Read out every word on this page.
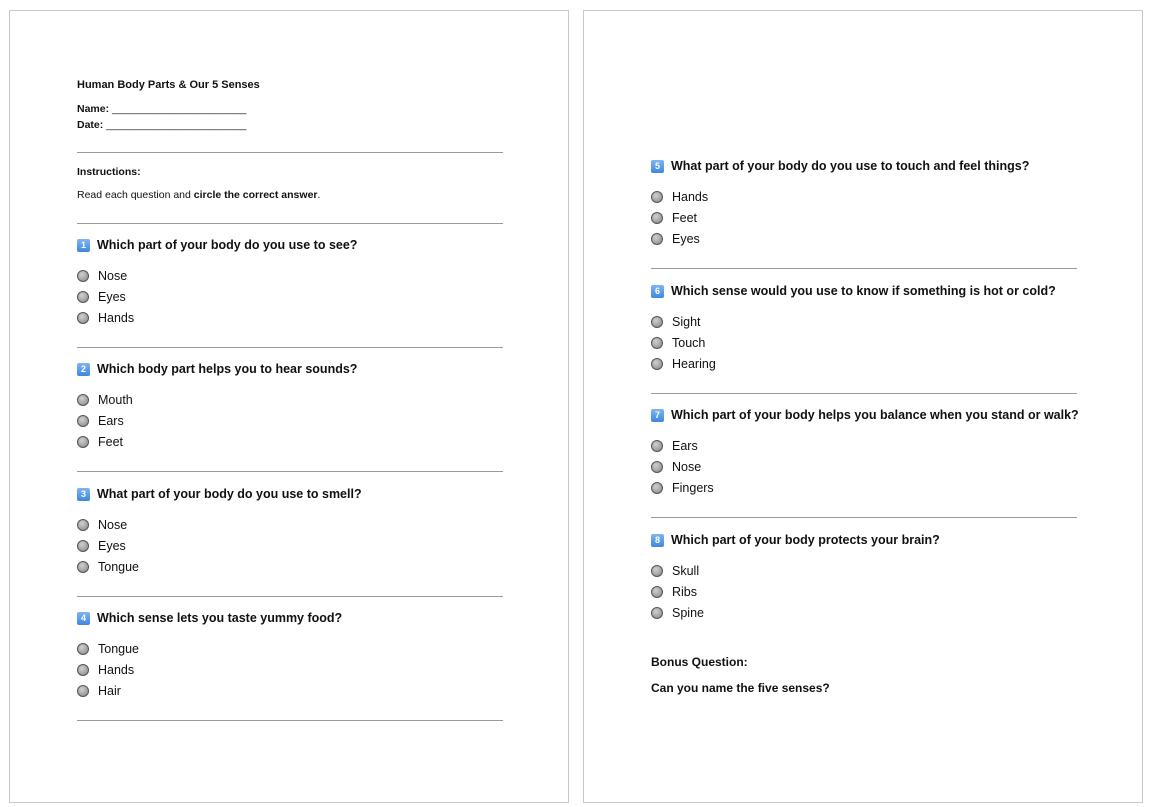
Human Body Parts & Our 5 Senses
Name: _______________________
Date: ________________________
Instructions:
Read each question and circle the correct answer.
1 Which part of your body do you use to see?
Nose
Eyes
Hands
2 Which body part helps you to hear sounds?
Mouth
Ears
Feet
3 What part of your body do you use to smell?
Nose
Eyes
Tongue
4 Which sense lets you taste yummy food?
Tongue
Hands
Hair
5 What part of your body do you use to touch and feel things?
Hands
Feet
Eyes
6 Which sense would you use to know if something is hot or cold?
Sight
Touch
Hearing
7 Which part of your body helps you balance when you stand or walk?
Ears
Nose
Fingers
8 Which part of your body protects your brain?
Skull
Ribs
Spine
Bonus Question:
Can you name the five senses?
